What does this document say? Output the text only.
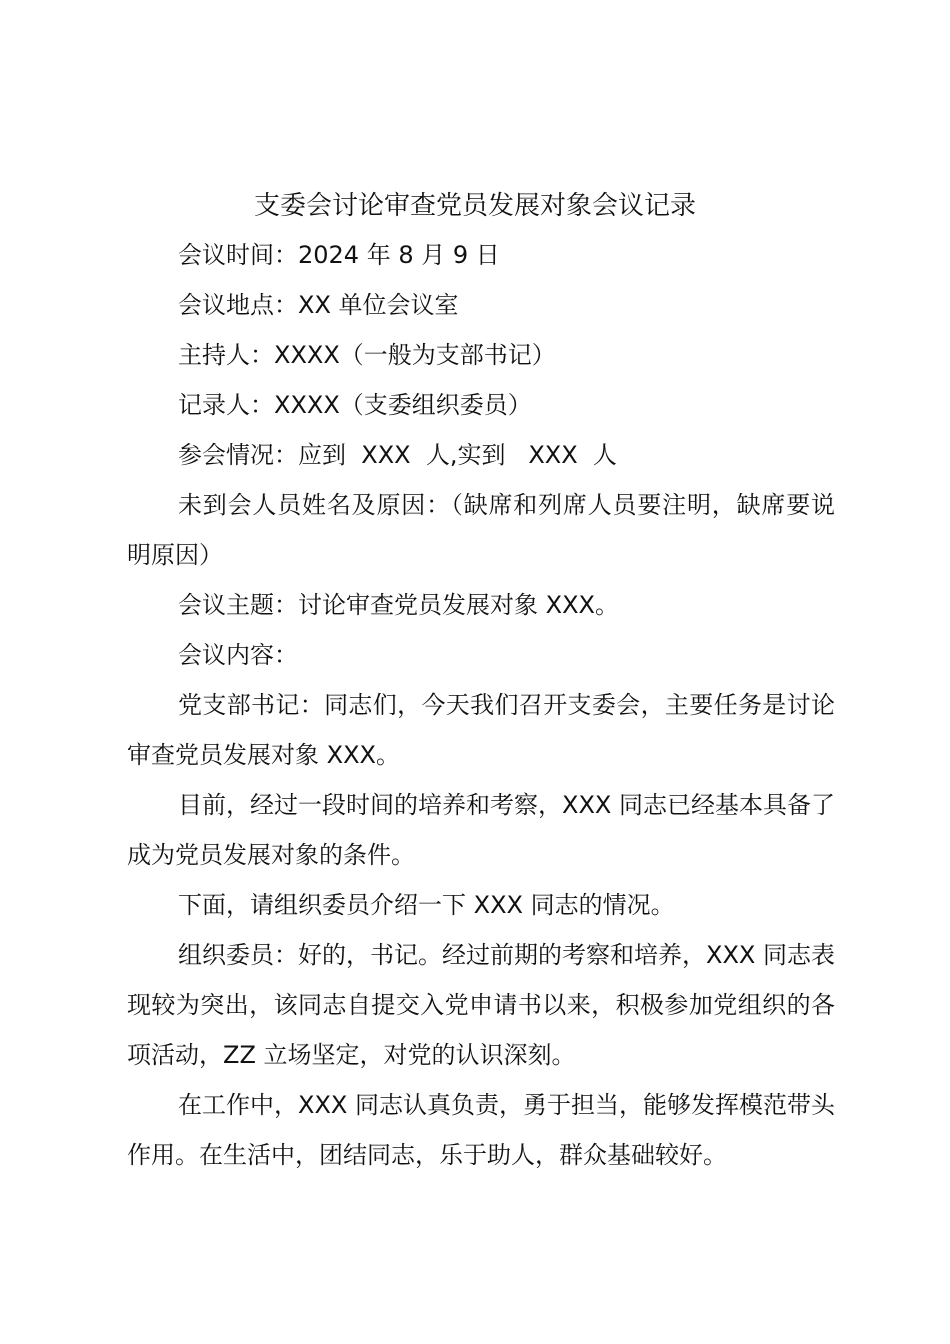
支委会讨论审查党员发展对象会议记录

会议时间：2024 年 8 月 9 日

会议地点：XX 单位会议室

主持人：XXXX（一般为支部书记）

记录人：XXXX（支委组织委员）

参会情况：应到  XXX  人,实到   XXX  人

未到会人员姓名及原因：（缺席和列席人员要注明，缺席要说明原因）

会议主题：讨论审查党员发展对象 XXX。

会议内容：

党支部书记：同志们，今天我们召开支委会，主要任务是讨论审查党员发展对象 XXX。

目前，经过一段时间的培养和考察，XXX 同志已经基本具备了成为党员发展对象的条件。

下面，请组织委员介绍一下 XXX 同志的情况。

组织委员：好的，书记。经过前期的考察和培养，XXX 同志表现较为突出，该同志自提交入党申请书以来，积极参加党组织的各项活动，ZZ 立场坚定，对党的认识深刻。

在工作中，XXX 同志认真负责，勇于担当，能够发挥模范带头作用。在生活中，团结同志，乐于助人，群众基础较好。
